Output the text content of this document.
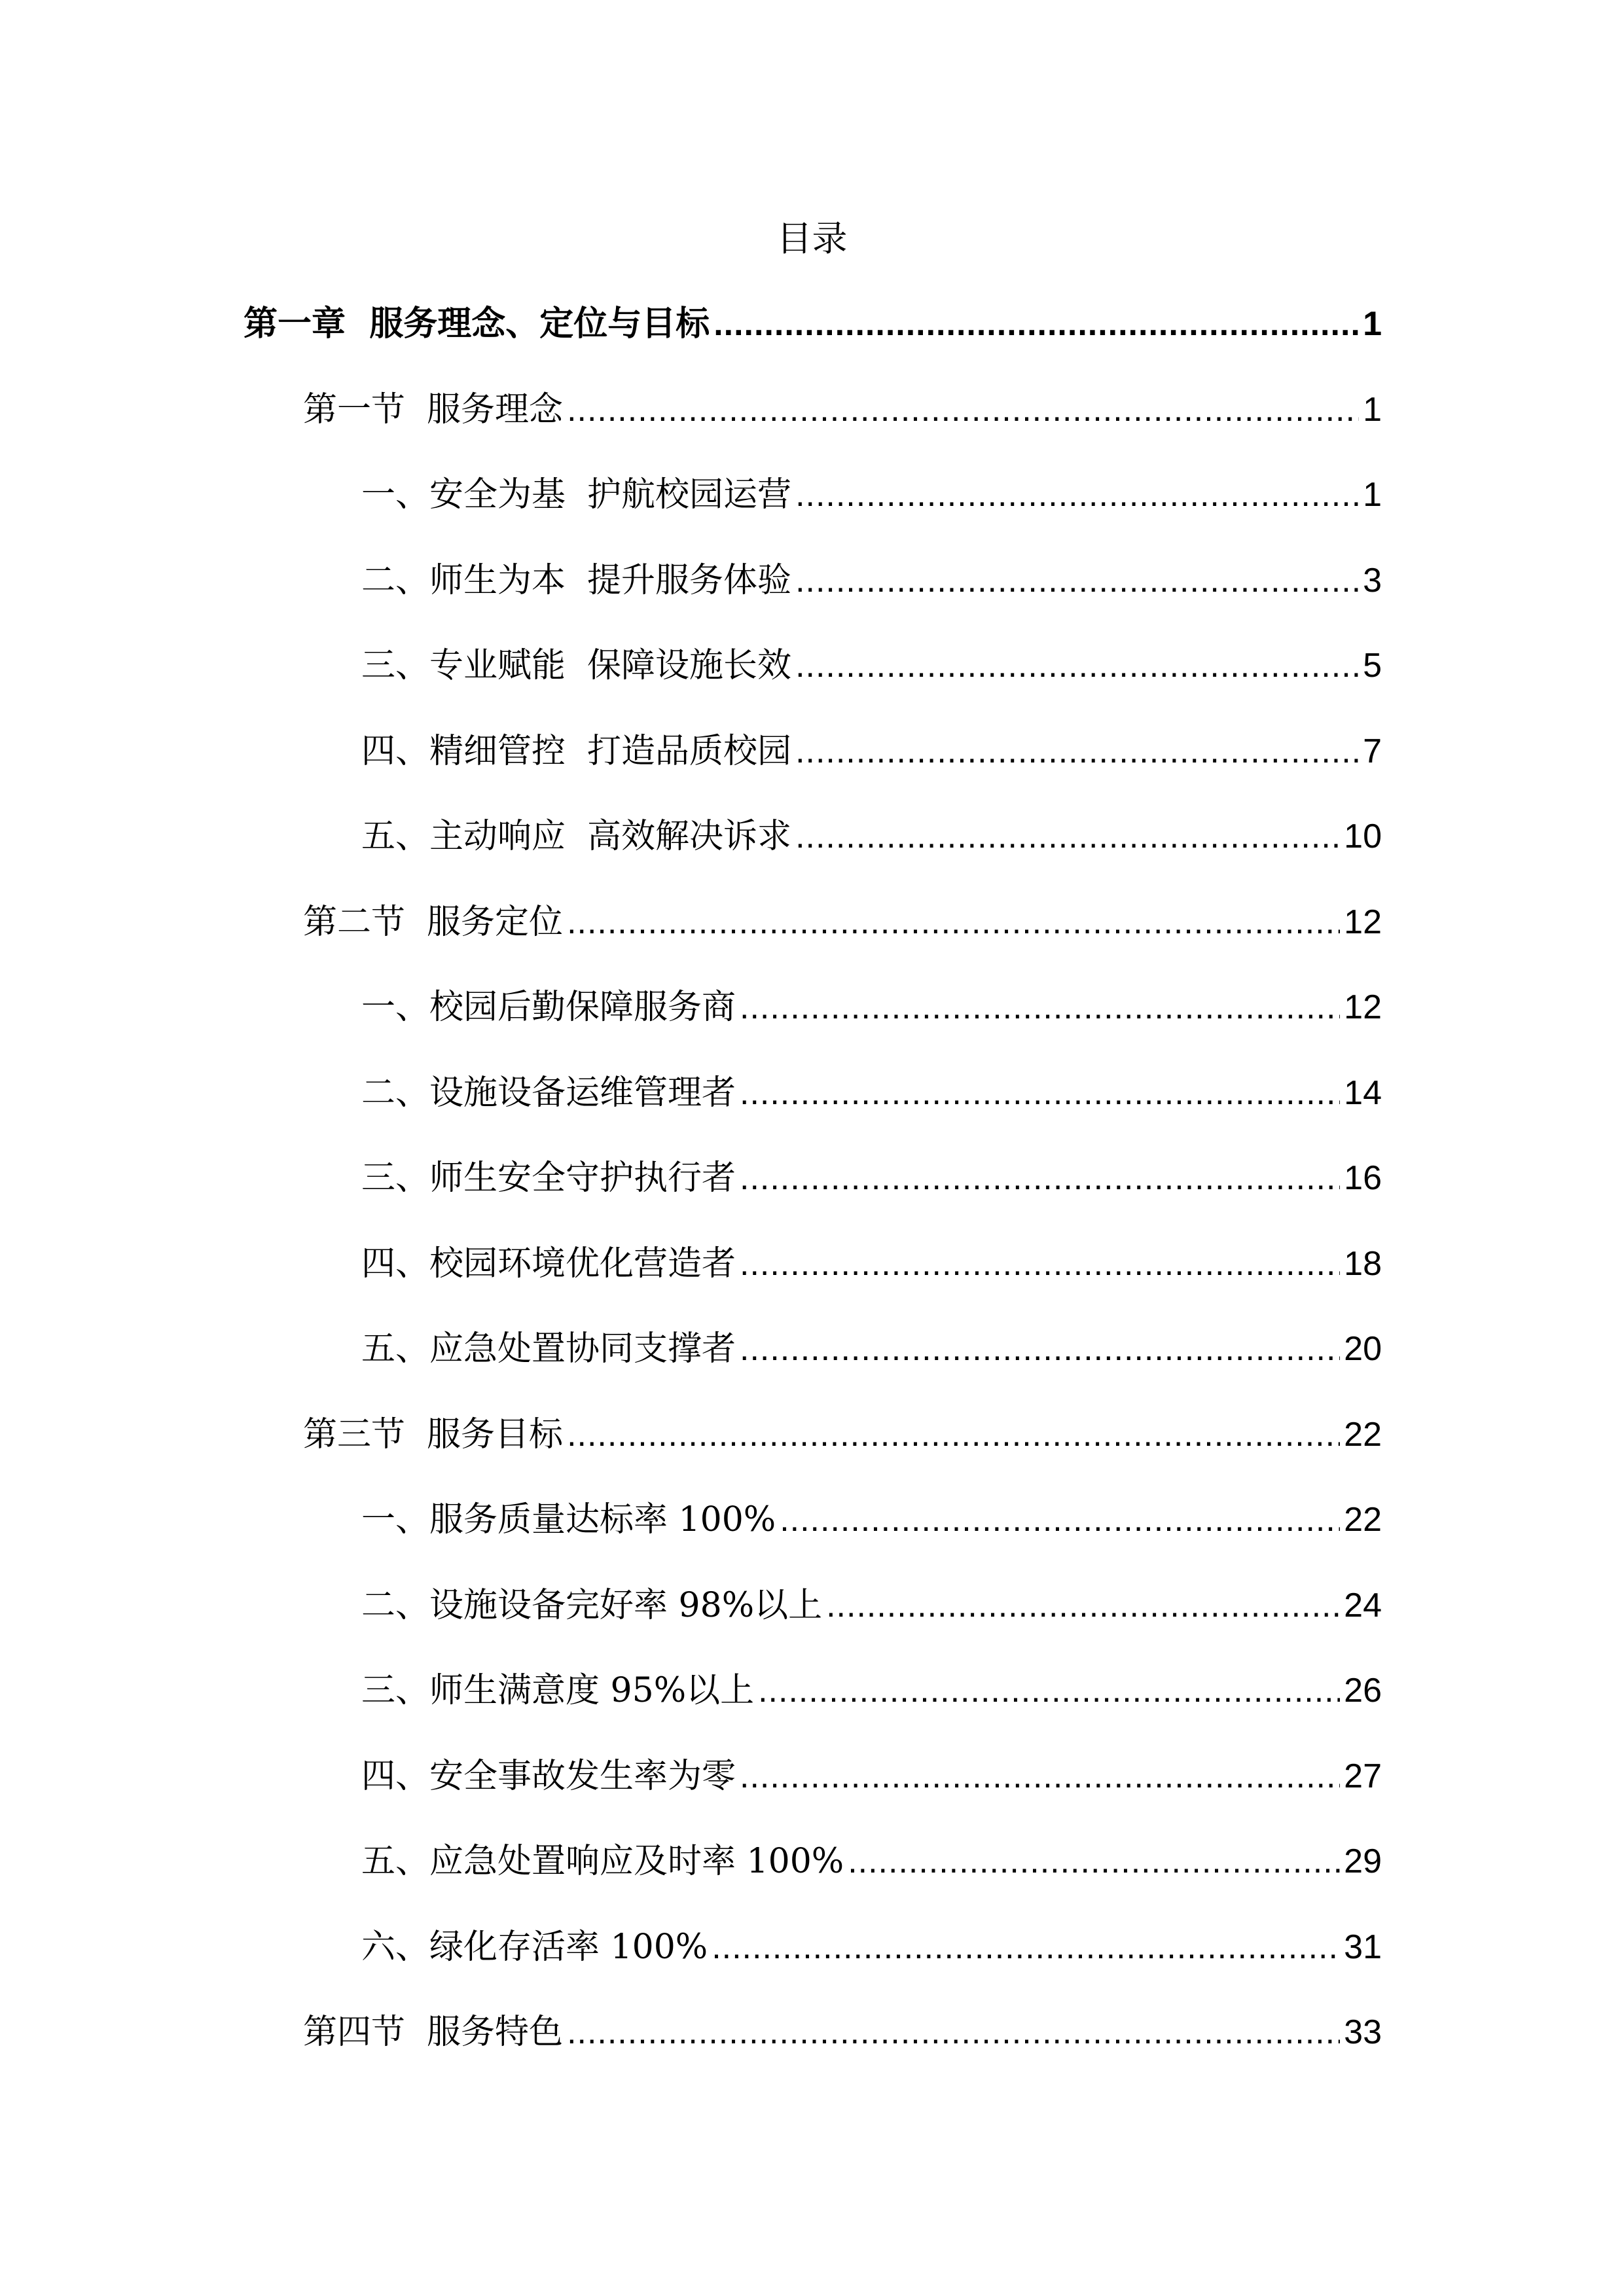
目录
第一章  服务理念、定位与目标 .....	1
第一节  服务理念 .....	1
一、安全为基  护航校园运营 .....	1
二、师生为本  提升服务体验 .....	3
三、专业赋能  保障设施长效 .....	5
四、精细管控  打造品质校园 .....	7
五、主动响应  高效解决诉求 .....	10
第二节  服务定位 .....	12
一、校园后勤保障服务商 .....	12
二、设施设备运维管理者 .....	14
三、师生安全守护执行者 .....	16
四、校园环境优化营造者 .....	18
五、应急处置协同支撑者 .....	20
第三节  服务目标 .....	22
一、服务质量达标率 100% .....	22
二、设施设备完好率 98%以上 .....	24
三、师生满意度 95%以上 .....	26
四、安全事故发生率为零 .....	27
五、应急处置响应及时率 100% .....	29
六、绿化存活率 100% .....	31
第四节  服务特色 .....	33
